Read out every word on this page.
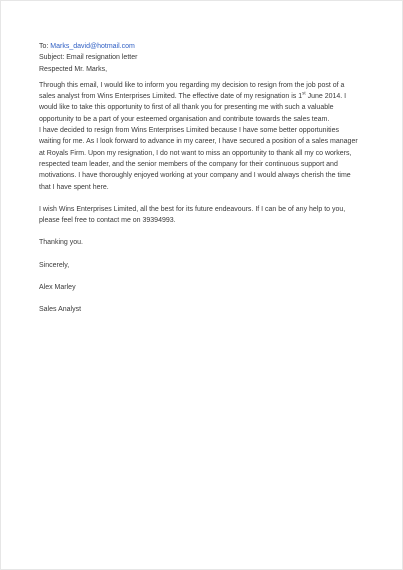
To: Marks_david@hotmail.com
Subject: Email resignation letter
Respected Mr. Marks,
Through this email, I would like to inform you regarding my decision to resign from the job post of a
sales analyst from Wins Enterprises Limited. The effective date of my resignation is 1st June 2014. I
would like to take this opportunity to first of all thank you for presenting me with such a valuable
opportunity to be a part of your esteemed organisation and contribute towards the sales team.
I have decided to resign from Wins Enterprises Limited because I have some better opportunities
waiting for me. As I look forward to advance in my career, I have secured a position of a sales manager
at Royals Firm. Upon my resignation, I do not want to miss an opportunity to thank all my co workers,
respected team leader, and the senior members of the company for their continuous support and
motivations. I have thoroughly enjoyed working at your company and I would always cherish the time
that I have spent here.
I wish Wins Enterprises Limited, all the best for its future endeavours. If I can be of any help to you,
please feel free to contact me on 39394993.
Thanking you.
Sincerely,
Alex Marley
Sales Analyst
